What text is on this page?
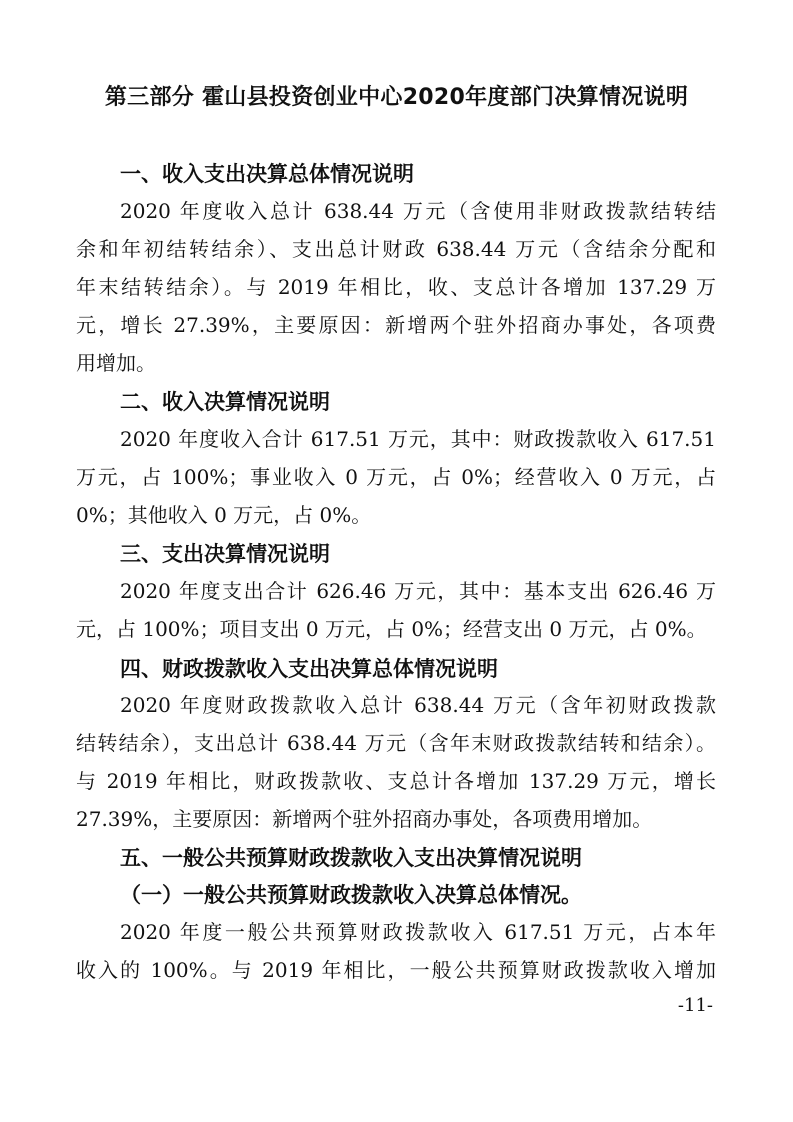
第三部分 霍山县投资创业中心2020年度部门决算情况说明
一、收入支出决算总体情况说明
2020 年度收入总计 638.44 万元（含使用非财政拨款结转结
余和年初结转结余）、支出总计财政 638.44 万元（含结余分配和
年末结转结余）。与 2019 年相比，收、支总计各增加 137.29 万
元，增长 27.39%，主要原因：新增两个驻外招商办事处，各项费
用增加。
二、收入决算情况说明
2020 年度收入合计 617.51 万元，其中：财政拨款收入 617.51
万元，占 100%；事业收入 0 万元，占 0%；经营收入 0 万元，占
0%；其他收入 0 万元，占 0%。
三、支出决算情况说明
2020 年度支出合计 626.46 万元，其中：基本支出 626.46 万
元，占 100%；项目支出 0 万元，占 0%；经营支出 0 万元，占 0%。
四、财政拨款收入支出决算总体情况说明
2020 年度财政拨款收入总计 638.44 万元（含年初财政拨款
结转结余），支出总计 638.44 万元（含年末财政拨款结转和结余）。
与 2019 年相比，财政拨款收、支总计各增加 137.29 万元，增长
27.39%，主要原因：新增两个驻外招商办事处，各项费用增加。
五、一般公共预算财政拨款收入支出决算情况说明
（一）一般公共预算财政拨款收入决算总体情况。
2020 年度一般公共预算财政拨款收入 617.51 万元，占本年
收入的 100%。与 2019 年相比，一般公共预算财政拨款收入增加
-11-
